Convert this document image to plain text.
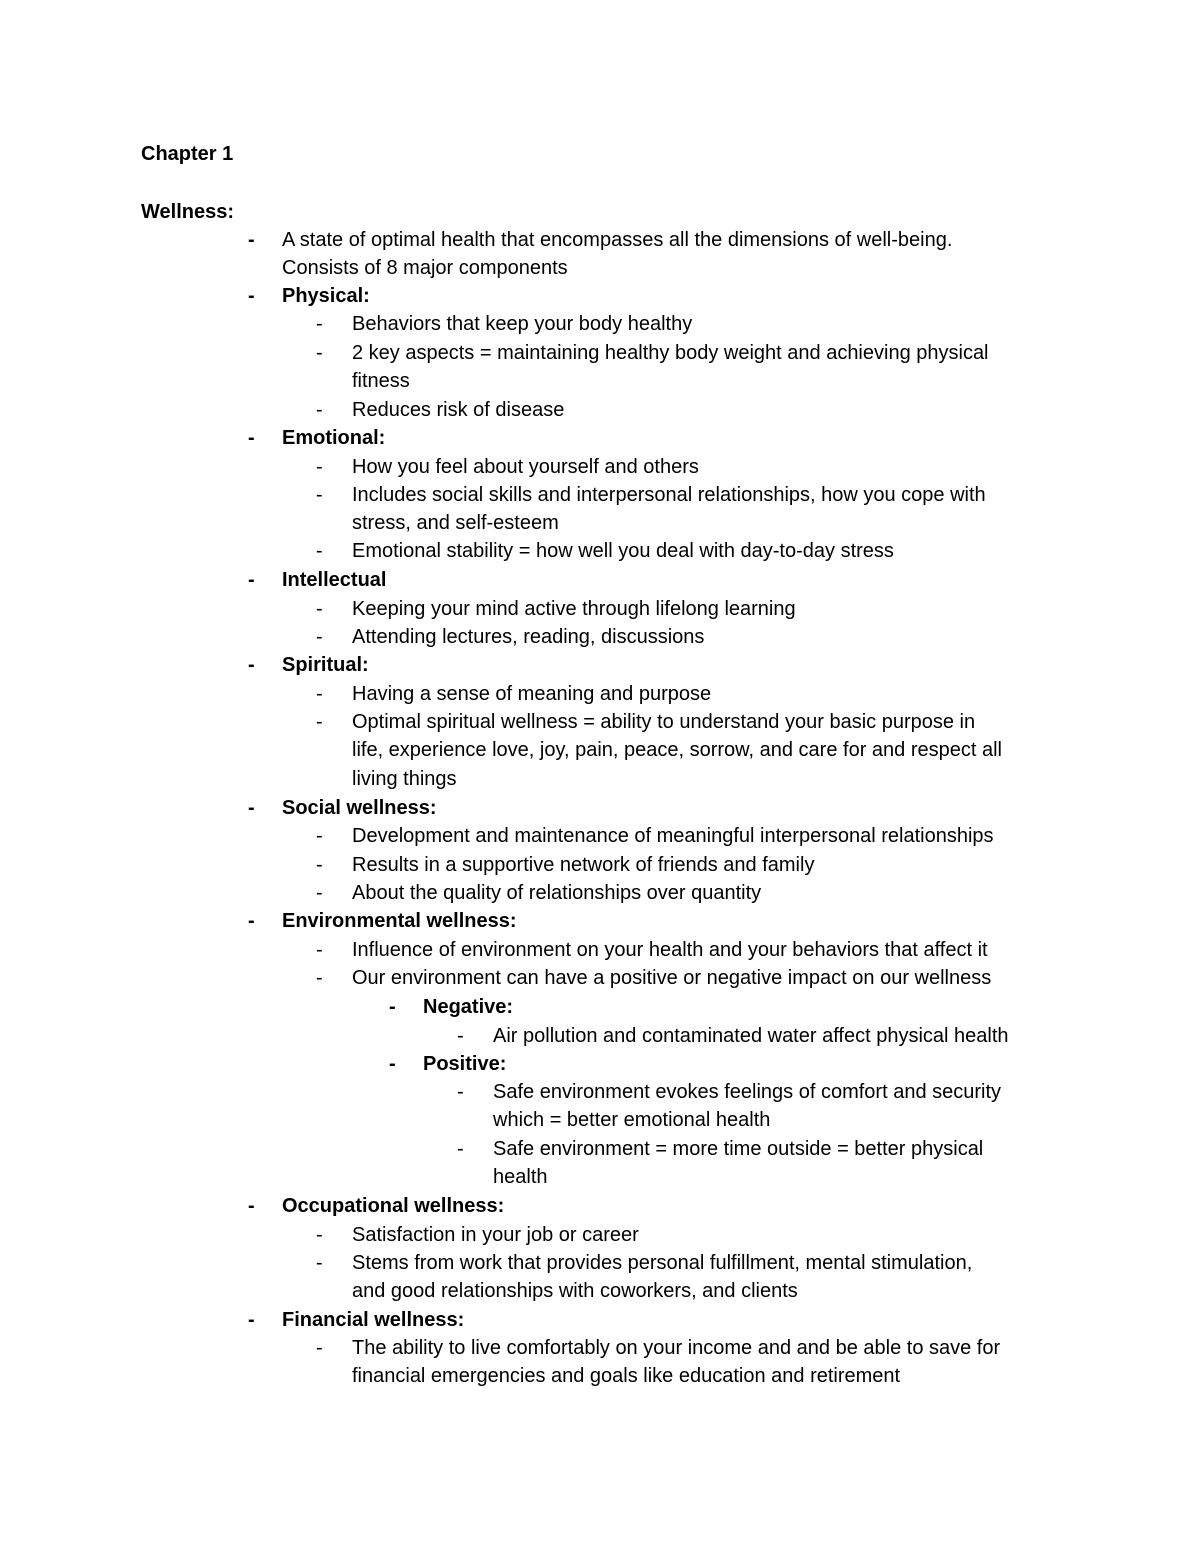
Chapter 1
Wellness:
- A state of optimal health that encompasses all the dimensions of well-being.
Consists of 8 major components
- Physical:
- Behaviors that keep your body healthy
- 2 key aspects = maintaining healthy body weight and achieving physical
fitness
- Reduces risk of disease
- Emotional:
- How you feel about yourself and others
- Includes social skills and interpersonal relationships, how you cope with
stress, and self-esteem
- Emotional stability = how well you deal with day-to-day stress
- Intellectual
- Keeping your mind active through lifelong learning
- Attending lectures, reading, discussions
- Spiritual:
- Having a sense of meaning and purpose
- Optimal spiritual wellness = ability to understand your basic purpose in
life, experience love, joy, pain, peace, sorrow, and care for and respect all
living things
- Social wellness:
- Development and maintenance of meaningful interpersonal relationships
- Results in a supportive network of friends and family
- About the quality of relationships over quantity
- Environmental wellness:
- Influence of environment on your health and your behaviors that affect it
- Our environment can have a positive or negative impact on our wellness
- Negative:
- Air pollution and contaminated water affect physical health
- Positive:
- Safe environment evokes feelings of comfort and security
which = better emotional health
- Safe environment = more time outside = better physical
health
- Occupational wellness:
- Satisfaction in your job or career
- Stems from work that provides personal fulfillment, mental stimulation,
and good relationships with coworkers, and clients
- Financial wellness:
- The ability to live comfortably on your income and and be able to save for
financial emergencies and goals like education and retirement
